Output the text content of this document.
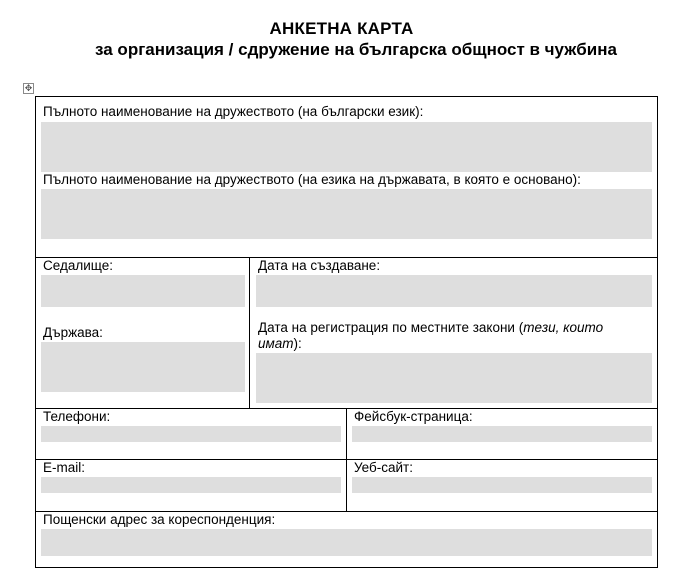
АНКЕТНА КАРТА
за организация / сдружение на българска общност в чужбина
✥
Пълното наименование на дружеството (на български език):
Пълното наименование на дружеството (на езика на държавата, в която е основано):
Седалище:	Дата на създаване:
Държава:	Дата на регистрация по местните закони (тези, които имат):
Телефони:	Фейсбук-страница:
E-mail:	Уеб-сайт:
Пощенски адрес за кореспонденция:
